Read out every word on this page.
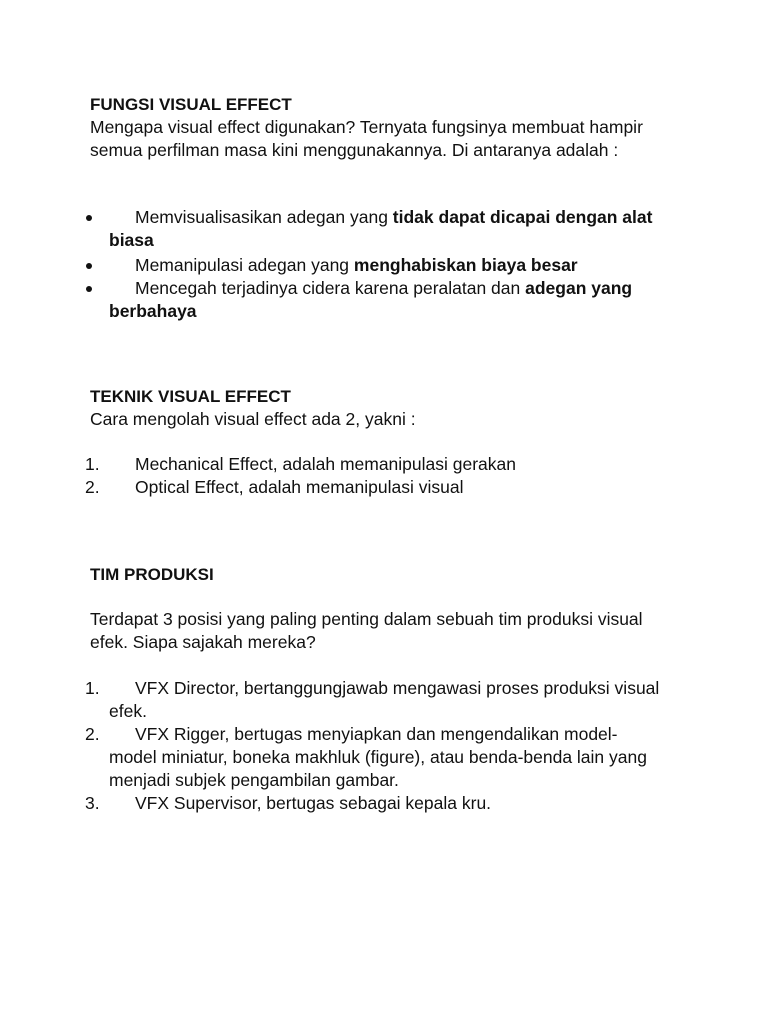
FUNGSI VISUAL EFFECT

Mengapa visual effect digunakan? Ternyata fungsinya membuat hampir semua perfilman masa kini menggunakannya. Di antaranya adalah :

Memvisualisasikan adegan yang tidak dapat dicapai dengan alat biasa
Memanipulasi adegan yang menghabiskan biaya besar
Mencegah terjadinya cidera karena peralatan dan adegan yang berbahaya
TEKNIK VISUAL EFFECT

Cara mengolah visual effect ada 2, yakni :

1.	Mechanical Effect, adalah memanipulasi gerakan
2.	Optical Effect, adalah memanipulasi visual
TIM PRODUKSI

Terdapat 3 posisi yang paling penting dalam sebuah tim produksi visual efek. Siapa sajakah mereka?

1.	VFX Director, bertanggungjawab mengawasi proses produksi visual efek.
2.	VFX Rigger, bertugas menyiapkan dan mengendalikan model-model miniatur, boneka makhluk (figure), atau benda-benda lain yang menjadi subjek pengambilan gambar.
3.	VFX Supervisor, bertugas sebagai kepala kru.
